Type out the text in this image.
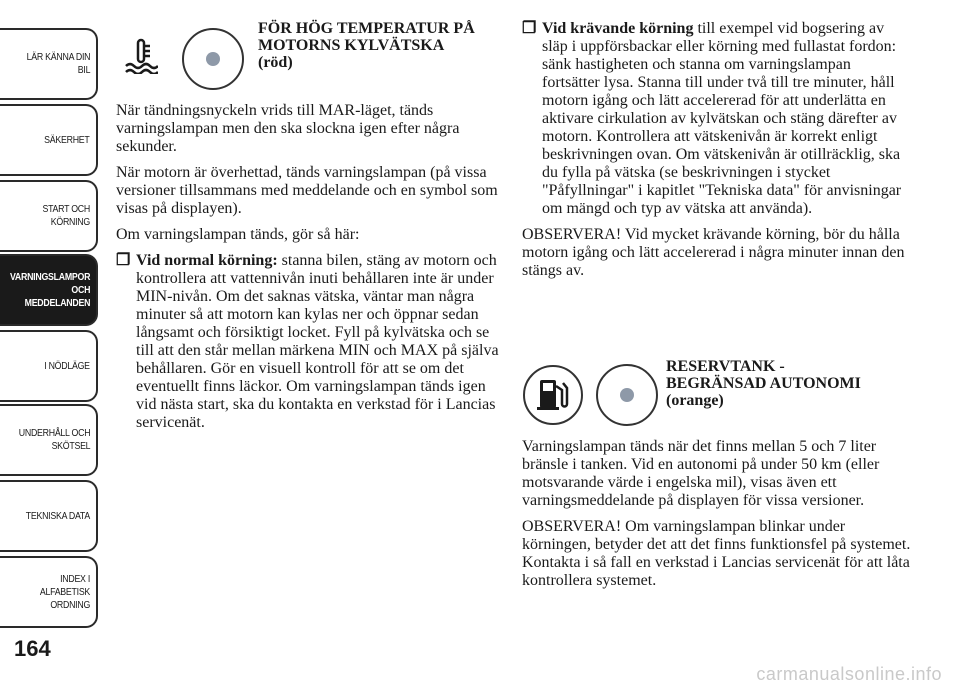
LÄR KÄNNA DIN
BIL
SÄKERHET
START OCH
KÖRNING
VARNINGSLAMPOR
OCH
MEDDELANDEN
I NÖDLÄGE
UNDERHÅLL OCH
SKÖTSEL
TEKNISKA DATA
INDEX I
ALFABETISK
ORDNING
164
FÖR HÖG TEMPERATUR PÅ
MOTORNS KYLVÄTSKA
(röd)

När tändningsnyckeln vrids till MAR-läget, tänds varningslampan men den ska slockna igen efter några sekunder.

När motorn är överhettad, tänds varningslampan (på vissa versioner tillsammans med meddelande och en symbol som visas på displayen).

Om varningslampan tänds, gör så här:

❐ Vid normal körning: stanna bilen, stäng av motorn och kontrollera att vattennivån inuti behållaren inte är under MIN-nivån. Om det saknas vätska, väntar man några minuter så att motorn kan kylas ner och öppnar sedan långsamt och försiktigt locket. Fyll på kylvätska och se till att den står mellan märkena MIN och MAX på själva behållaren. Gör en visuell kontroll för att se om det eventuellt finns läckor. Om varningslampan tänds igen vid nästa start, ska du kontakta en verkstad för i Lancias servicenät.
❐ Vid krävande körning till exempel vid bogsering av släp i uppförsbackar eller körning med fullastat fordon: sänk hastigheten och stanna om varningslampan fortsätter lysa. Stanna till under två till tre minuter, håll motorn igång och lätt accelererad för att underlätta en aktivare cirkulation av kylvätskan och stäng därefter av motorn. Kontrollera att vätskenivån är korrekt enligt beskrivningen ovan. Om vätskenivån är otillräcklig, ska du fylla på vätska (se beskrivningen i stycket "Påfyllningar" i kapitlet "Tekniska data" för anvisningar om mängd och typ av vätska att använda).

OBSERVERA! Vid mycket krävande körning, bör du hålla motorn igång och lätt accelererad i några minuter innan den stängs av.

RESERVTANK -
BEGRÄNSAD AUTONOMI
(orange)

Varningslampan tänds när det finns mellan 5 och 7 liter bränsle i tanken. Vid en autonomi på under 50 km (eller motsvarande värde i engelska mil), visas även ett varningsmeddelande på displayen för vissa versioner.

OBSERVERA! Om varningslampan blinkar under körningen, betyder det att det finns funktionsfel på systemet. Kontakta i så fall en verkstad i Lancias servicenät för att låta kontrollera systemet.

carmanualsonline.info
